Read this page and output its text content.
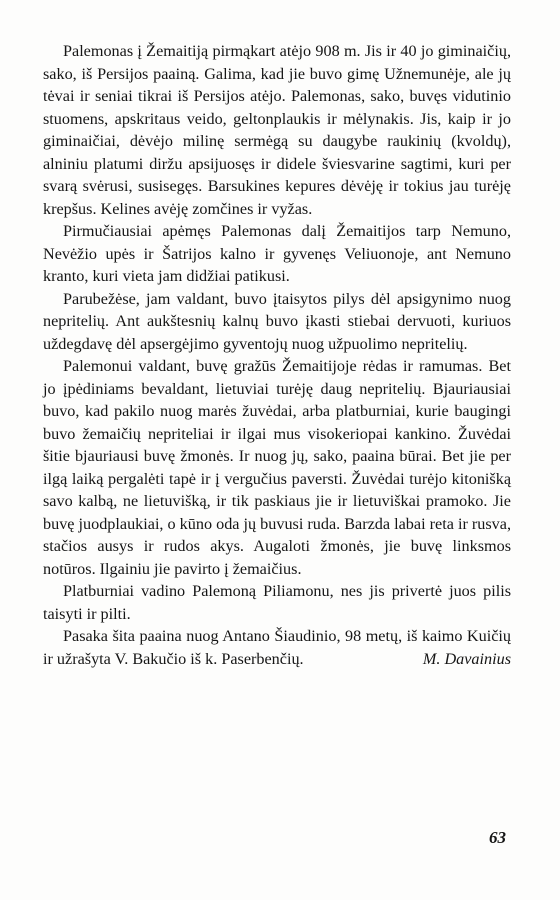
Palemonas į Žemaitiją pirmąkart atėjo 908 m. Jis ir 40 jo giminaičių, sako, iš Persijos paainą. Galima, kad jie buvo gimę Užnemunėje, ale jų tėvai ir seniai tikrai iš Persijos atėjo. Palemonas, sako, buvęs vidutinio stuomens, apskritaus veido, geltonplaukis ir mėlynakis. Jis, kaip ir jo giminaičiai, dėvėjo milinę sermėgą su daugybe raukinių (kvoldų), alniniu platumi diržu apsijuosęs ir didele šviesvarine sagtimi, kuri per svarą svėrusi, susisegęs. Barsukines kepures dėvėję ir tokius jau turėję krepšus. Kelines avėję zomčines ir vyžas.

Pirmučiausiai apėmęs Palemonas dalį Žemaitijos tarp Nemuno, Nevėžio upės ir Šatrijos kalno ir gyvenęs Veliuonoje, ant Nemuno kranto, kuri vieta jam didžiai patikusi.

Parubežėse, jam valdant, buvo įtaisytos pilys dėl apsigynimo nuog nepritelių. Ant aukštesnių kalnų buvo įkasti stiebai dervuoti, kuriuos uždegdavę dėl apsergėjimo gyventojų nuog užpuolimo nepritelių.

Palemonui valdant, buvę gražūs Žemaitijoje rėdas ir ramumas. Bet jo įpėdiniams bevaldant, lietuviai turėję daug nepritelių. Bjauriausiai buvo, kad pakilo nuog marės žuvėdai, arba platburniai, kurie baugingi buvo žemaičių nepriteliai ir ilgai mus visokeriopai kankino. Žuvėdai šitie bjauriausi buvę žmonės. Ir nuog jų, sako, paaina būrai. Bet jie per ilgą laiką pergalėti tapė ir į vergučius paversti. Žuvėdai turėjo kitonišką savo kalbą, ne lietuvišką, ir tik paskiaus jie ir lietuviškai pramoko. Jie buvę juodplaukiai, o kūno oda jų buvusi ruda. Barzda labai reta ir rusva, stačios ausys ir rudos akys. Augaloti žmonės, jie buvę linksmos notūros. Ilgainiu jie pavirto į žemaičius.

Platburniai vadino Palemoną Piliamonu, nes jis privertė juos pilis taisyti ir pilti.

Pasaka šita paaina nuog Antano Šiaudinio, 98 metų, iš kaimo Kuičių ir užrašyta V. Bakučio iš k. Paserbenčių.	M. Davainius

63
